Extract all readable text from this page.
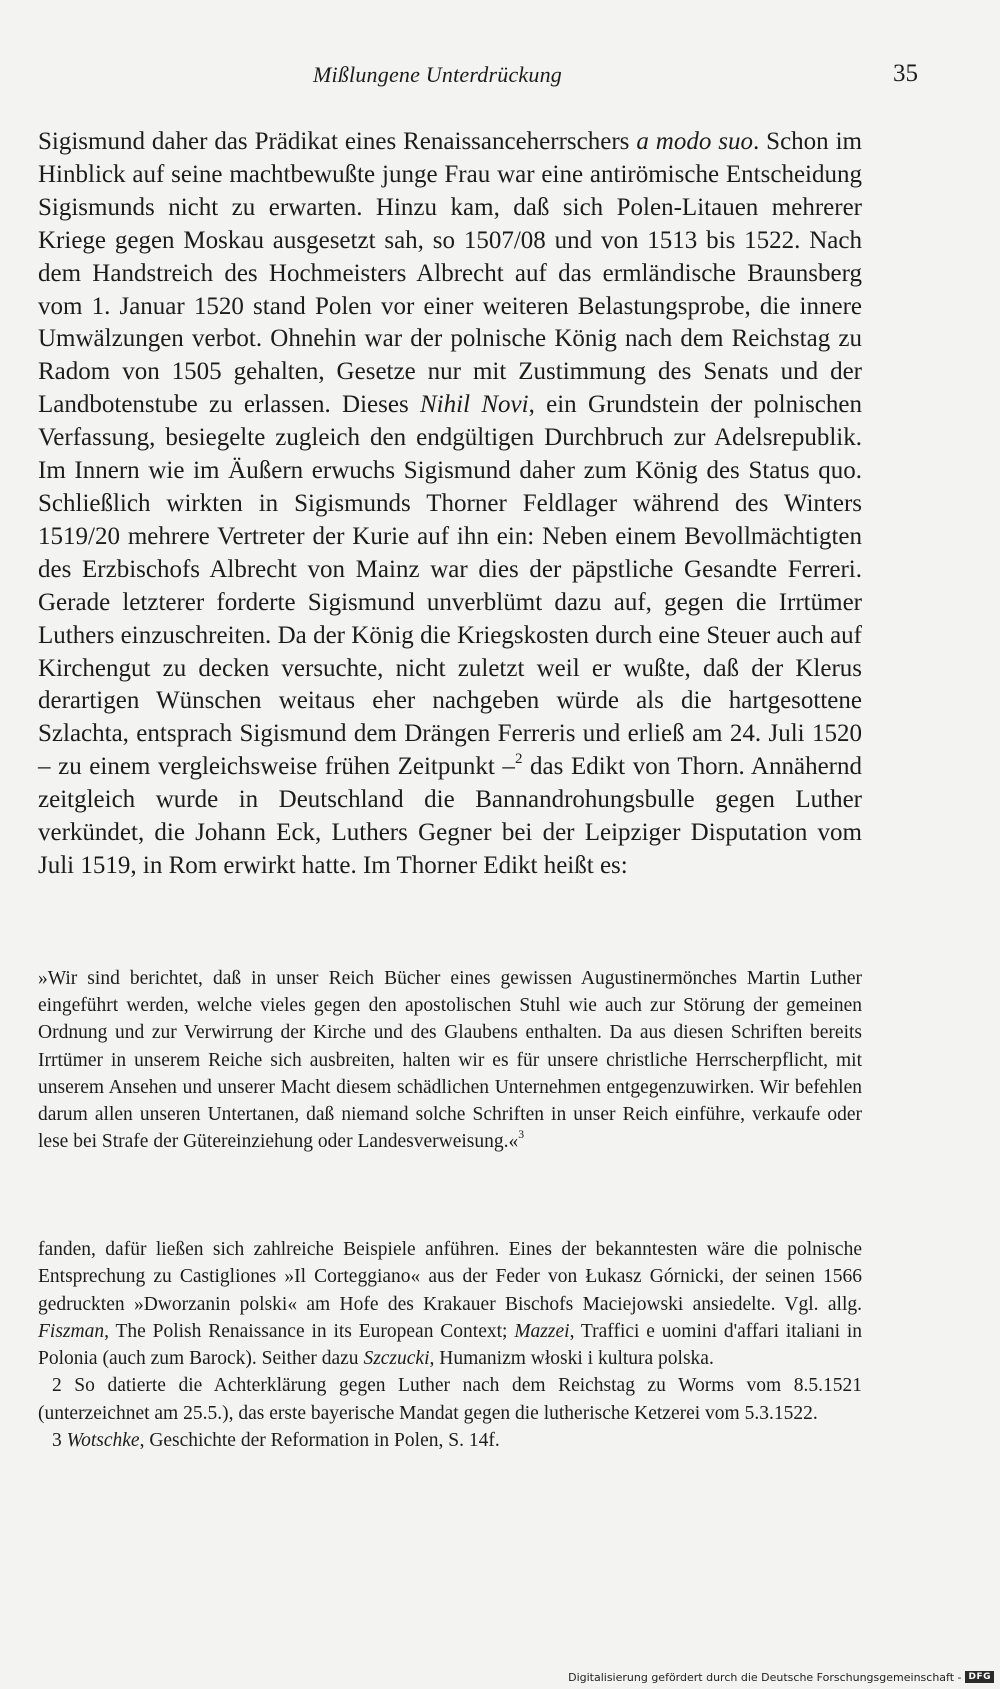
Mißlungene Unterdrückung	35

Sigismund daher das Prädikat eines Renaissanceherrschers a modo suo. Schon im Hinblick auf seine machtbewußte junge Frau war eine antirömische Entscheidung Sigismunds nicht zu erwarten. Hinzu kam, daß sich Polen-Litauen mehrerer Kriege gegen Moskau ausgesetzt sah, so 1507/08 und von 1513 bis 1522. Nach dem Handstreich des Hochmeisters Albrecht auf das ermländische Braunsberg vom 1. Januar 1520 stand Polen vor einer weiteren Belastungsprobe, die innere Umwälzungen verbot. Ohnehin war der polnische König nach dem Reichstag zu Radom von 1505 gehalten, Gesetze nur mit Zustimmung des Senats und der Landbotenstube zu erlassen. Dieses Nihil Novi, ein Grundstein der polnischen Verfassung, besiegelte zugleich den endgültigen Durchbruch zur Adelsrepublik. Im Innern wie im Äußern erwuchs Sigismund daher zum König des Status quo. Schließlich wirkten in Sigismunds Thorner Feldlager während des Winters 1519/20 mehrere Vertreter der Kurie auf ihn ein: Neben einem Bevollmächtigten des Erzbischofs Albrecht von Mainz war dies der päpstliche Gesandte Ferreri. Gerade letzterer forderte Sigismund unverblümt dazu auf, gegen die Irrtümer Luthers einzuschreiten. Da der König die Kriegskosten durch eine Steuer auch auf Kirchengut zu decken versuchte, nicht zuletzt weil er wußte, daß der Klerus derartigen Wünschen weitaus eher nachgeben würde als die hartgesottene Szlachta, entsprach Sigismund dem Drängen Ferreris und erließ am 24. Juli 1520 – zu einem vergleichsweise frühen Zeitpunkt –$^2$ das Edikt von Thorn. Annähernd zeitgleich wurde in Deutschland die Bannandrohungsbulle gegen Luther verkündet, die Johann Eck, Luthers Gegner bei der Leipziger Disputation vom Juli 1519, in Rom erwirkt hatte. Im Thorner Edikt heißt es:

»Wir sind berichtet, daß in unser Reich Bücher eines gewissen Augustinermönches Martin Luther eingeführt werden, welche vieles gegen den apostolischen Stuhl wie auch zur Störung der gemeinen Ordnung und zur Verwirrung der Kirche und des Glaubens enthalten. Da aus diesen Schriften bereits Irrtümer in unserem Reiche sich ausbreiten, halten wir es für unsere christliche Herrscherpflicht, mit unserem Ansehen und unserer Macht diesem schädlichen Unternehmen entgegenzuwirken. Wir befehlen darum allen unseren Untertanen, daß niemand solche Schriften in unser Reich einführe, verkaufe oder lese bei Strafe der Gütereinziehung oder Landesverweisung.«$^3$

fanden, dafür ließen sich zahlreiche Beispiele anführen. Eines der bekanntesten wäre die polnische Entsprechung zu Castigliones »Il Corteggiano« aus der Feder von Łukasz Górnicki, der seinen 1566 gedruckten »Dworzanin polski« am Hofe des Krakauer Bischofs Maciejowski ansiedelte. Vgl. allg. Fiszman, The Polish Renaissance in its European Context; Mazzei, Traffici e uomini d'affari italiani in Polonia (auch zum Barock). Seither dazu Szczucki, Humanizm włoski i kultura polska.

2 So datierte die Achterklärung gegen Luther nach dem Reichstag zu Worms vom 8.5.1521 (unterzeichnet am 25.5.), das erste bayerische Mandat gegen die lutherische Ketzerei vom 5.3.1522.

3 Wotschke, Geschichte der Reformation in Polen, S. 14f.

Digitalisierung gefördert durch die Deutsche Forschungsgemeinschaft - DFG
